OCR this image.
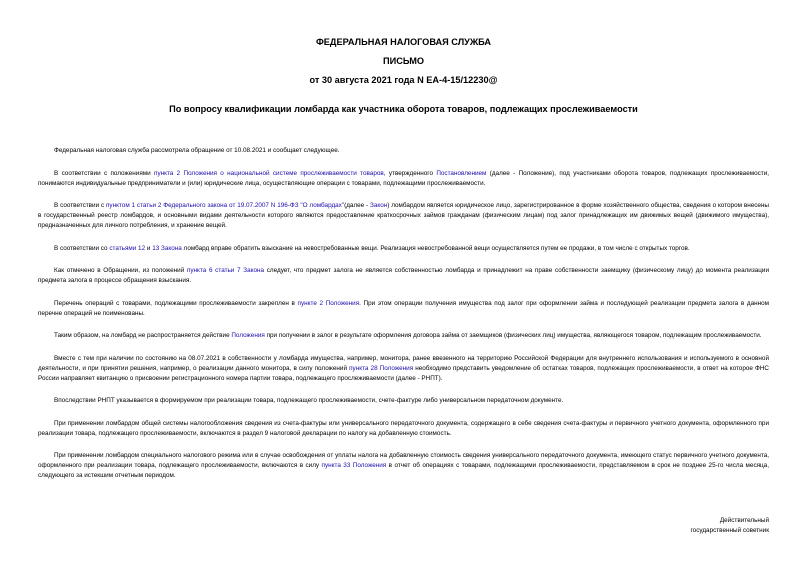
ФЕДЕРАЛЬНАЯ НАЛОГОВАЯ СЛУЖБА
ПИСЬМО
от 30 августа 2021 года N ЕА-4-15/12230@
По вопросу квалификации ломбарда как участника оборота товаров, подлежащих прослеживаемости

Федеральная налоговая служба рассмотрела обращение от 10.08.2021 и сообщает следующее.

В соответствии с положениями пункта 2 Положения о национальной системе прослеживаемости товаров, утвержденного Постановлением (далее - Положение), под участниками оборота товаров, подлежащих прослеживаемости, понимаются индивидуальные предприниматели и (или) юридические лица, осуществляющие операции с товарами, подлежащими прослеживаемости.

В соответствии с пунктом 1 статьи 2 Федерального закона от 19.07.2007 N 196-ФЗ "О ломбардах"(далее - Закон) ломбардом является юридическое лицо, зарегистрированное в форме хозяйственного общества, сведения о котором внесены в государственный реестр ломбардов, и основными видами деятельности которого являются предоставление краткосрочных займов гражданам (физическим лицам) под залог принадлежащих им движимых вещей (движимого имущества), предназначенных для личного потребления, и хранение вещей.

В соответствии со статьями 12 и 13 Закона ломбард вправе обратить взыскание на невостребованные вещи. Реализация невостребованной вещи осуществляется путем ее продажи, в том числе с открытых торгов.

Как отмечено в Обращении, из положений пункта 6 статьи 7 Закона следует, что предмет залога не является собственностью ломбарда и принадлежит на праве собственности заемщику (физическому лицу) до момента реализации предмета залога в процессе обращения взыскания.

Перечень операций с товарами, подлежащими прослеживаемости закреплен в пункте 2 Положения. При этом операции получения имущества под залог при оформлении займа и последующей реализации предмета залога в данном перечне операций не поименованы.

Таким образом, на ломбард не распространяется действие Положения при получении в залог в результате оформления договора займа от заемщиков (физических лиц) имущества, являющегося товаром, подлежащим прослеживаемости.

Вместе с тем при наличии по состоянию на 08.07.2021 в собственности у ломбарда имущества, например, монитора, ранее ввезенного на территорию Российской Федерации для внутреннего использования и используемого в основной деятельности, и при принятии решения, например, о реализации данного монитора, в силу положений пункта 28 Положения необходимо представить уведомление об остатках товаров, подлежащих прослеживаемости, в ответ на которое ФНС России направляет квитанцию о присвоении регистрационного номера партии товара, подлежащего прослеживаемости (далее - РНПТ).

Впоследствии РНПТ указывается в формируемом при реализации товара, подлежащего прослеживаемости, счете-фактуре либо универсальном передаточном документе.

При применении ломбардом общей системы налогообложения сведения из счета-фактуры или универсального передаточного документа, содержащего в себе сведения счета-фактуры и первичного учетного документа, оформленного при реализации товара, подлежащего прослеживаемости, включаются в раздел 9 налоговой декларации по налогу на добавленную стоимость.

При применении ломбардом специального налогового режима или в случае освобождения от уплаты налога на добавленную стоимость сведения универсального передаточного документа, имеющего статус первичного учетного документа, оформленного при реализации товара, подлежащего прослеживаемости, включаются в силу пункта 33 Положения в отчет об операциях с товарами, подлежащими прослеживаемости, представляемом в срок не позднее 25-го числа месяца, следующего за истекшим отчетным периодом.

Действительный
государственный советник
